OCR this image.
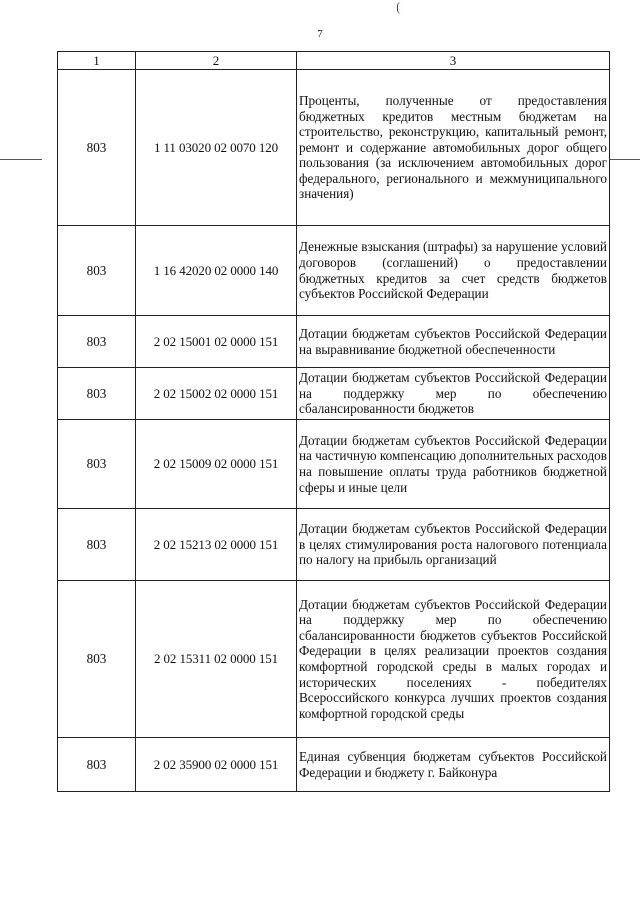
7
1	2	3
803	1 11 03020 02 0070 120	Проценты, полученные от предоставления бюджетных кредитов местным бюджетам на строительство, реконструкцию, капитальный ремонт, ремонт и содержание автомобильных дорог общего пользования (за исключением автомобильных дорог федерального, регионального и межмуниципального значения)
803	1 16 42020 02 0000 140	Денежные взыскания (штрафы) за нарушение условий договоров (соглашений) о предоставлении бюджетных кредитов за счет средств бюджетов субъектов Российской Федерации
803	2 02 15001 02 0000 151	Дотации бюджетам субъектов Российской Федерации на выравнивание бюджетной обеспеченности
803	2 02 15002 02 0000 151	Дотации бюджетам субъектов Российской Федерации на поддержку мер по обеспечению сбалансированности бюджетов
803	2 02 15009 02 0000 151	Дотации бюджетам субъектов Российской Федерации на частичную компенсацию дополнительных расходов на повышение оплаты труда работников бюджетной сферы и иные цели
803	2 02 15213 02 0000 151	Дотации бюджетам субъектов Российской Федерации в целях стимулирования роста налогового потенциала по налогу на прибыль организаций
803	2 02 15311 02 0000 151	Дотации бюджетам субъектов Российской Федерации на поддержку мер по обеспечению сбалансированности бюджетов субъектов Российской Федерации в целях реализации проектов создания комфортной городской среды в малых городах и исторических поселениях - победителях Всероссийского конкурса лучших проектов создания комфортной городской среды
803	2 02 35900 02 0000 151	Единая субвенция бюджетам субъектов Российской Федерации и бюджету г. Байконура
